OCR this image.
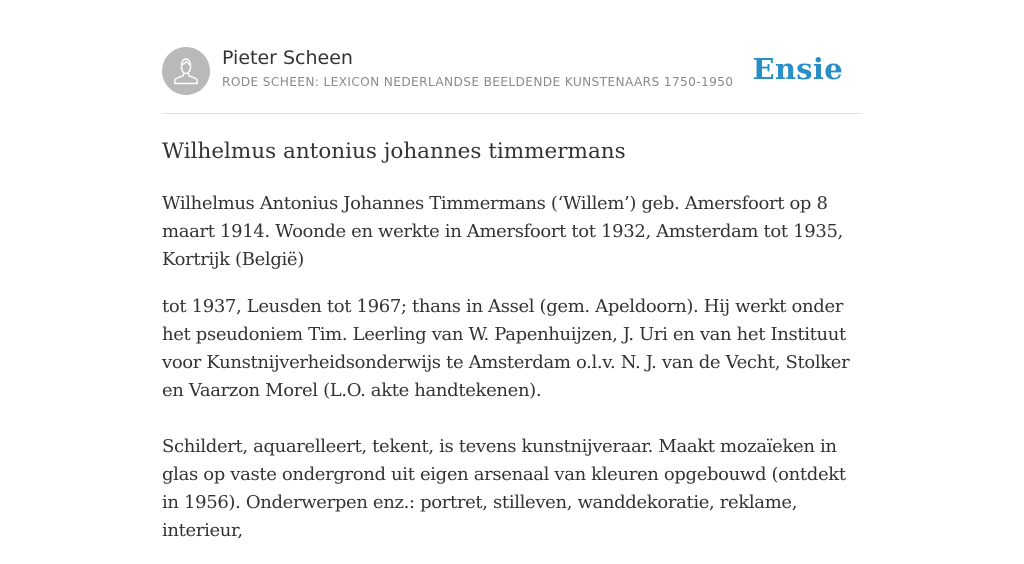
Pieter Scheen
RODE SCHEEN: LEXICON NEDERLANDSE BEELDENDE KUNSTENAARS 1750-1950 Ensie
Wilhelmus antonius johannes timmermans

Wilhelmus Antonius Johannes Timmermans (‘Willem’) geb. Amersfoort op 8 maart 1914. Woonde en werkte in Amersfoort tot 1932, Amsterdam tot 1935, Kortrijk (België)

tot 1937, Leusden tot 1967; thans in Assel (gem. Apeldoorn). Hij werkt onder het pseudoniem Tim. Leerling van W. Papenhuijzen, J. Uri en van het Instituut voor Kunstnijverheidsonderwijs te Amsterdam o.l.v. N. J. van de Vecht, Stolker en Vaarzon Morel (L.O. akte handtekenen).

Schildert, aquarelleert, tekent, is tevens kunstnijveraar. Maakt mozaïeken in glas op vaste ondergrond uit eigen arsenaal van kleuren opgebouwd (ontdekt in 1956). Onderwerpen enz.: portret, stilleven, wanddekoratie, reklame, interieur,
